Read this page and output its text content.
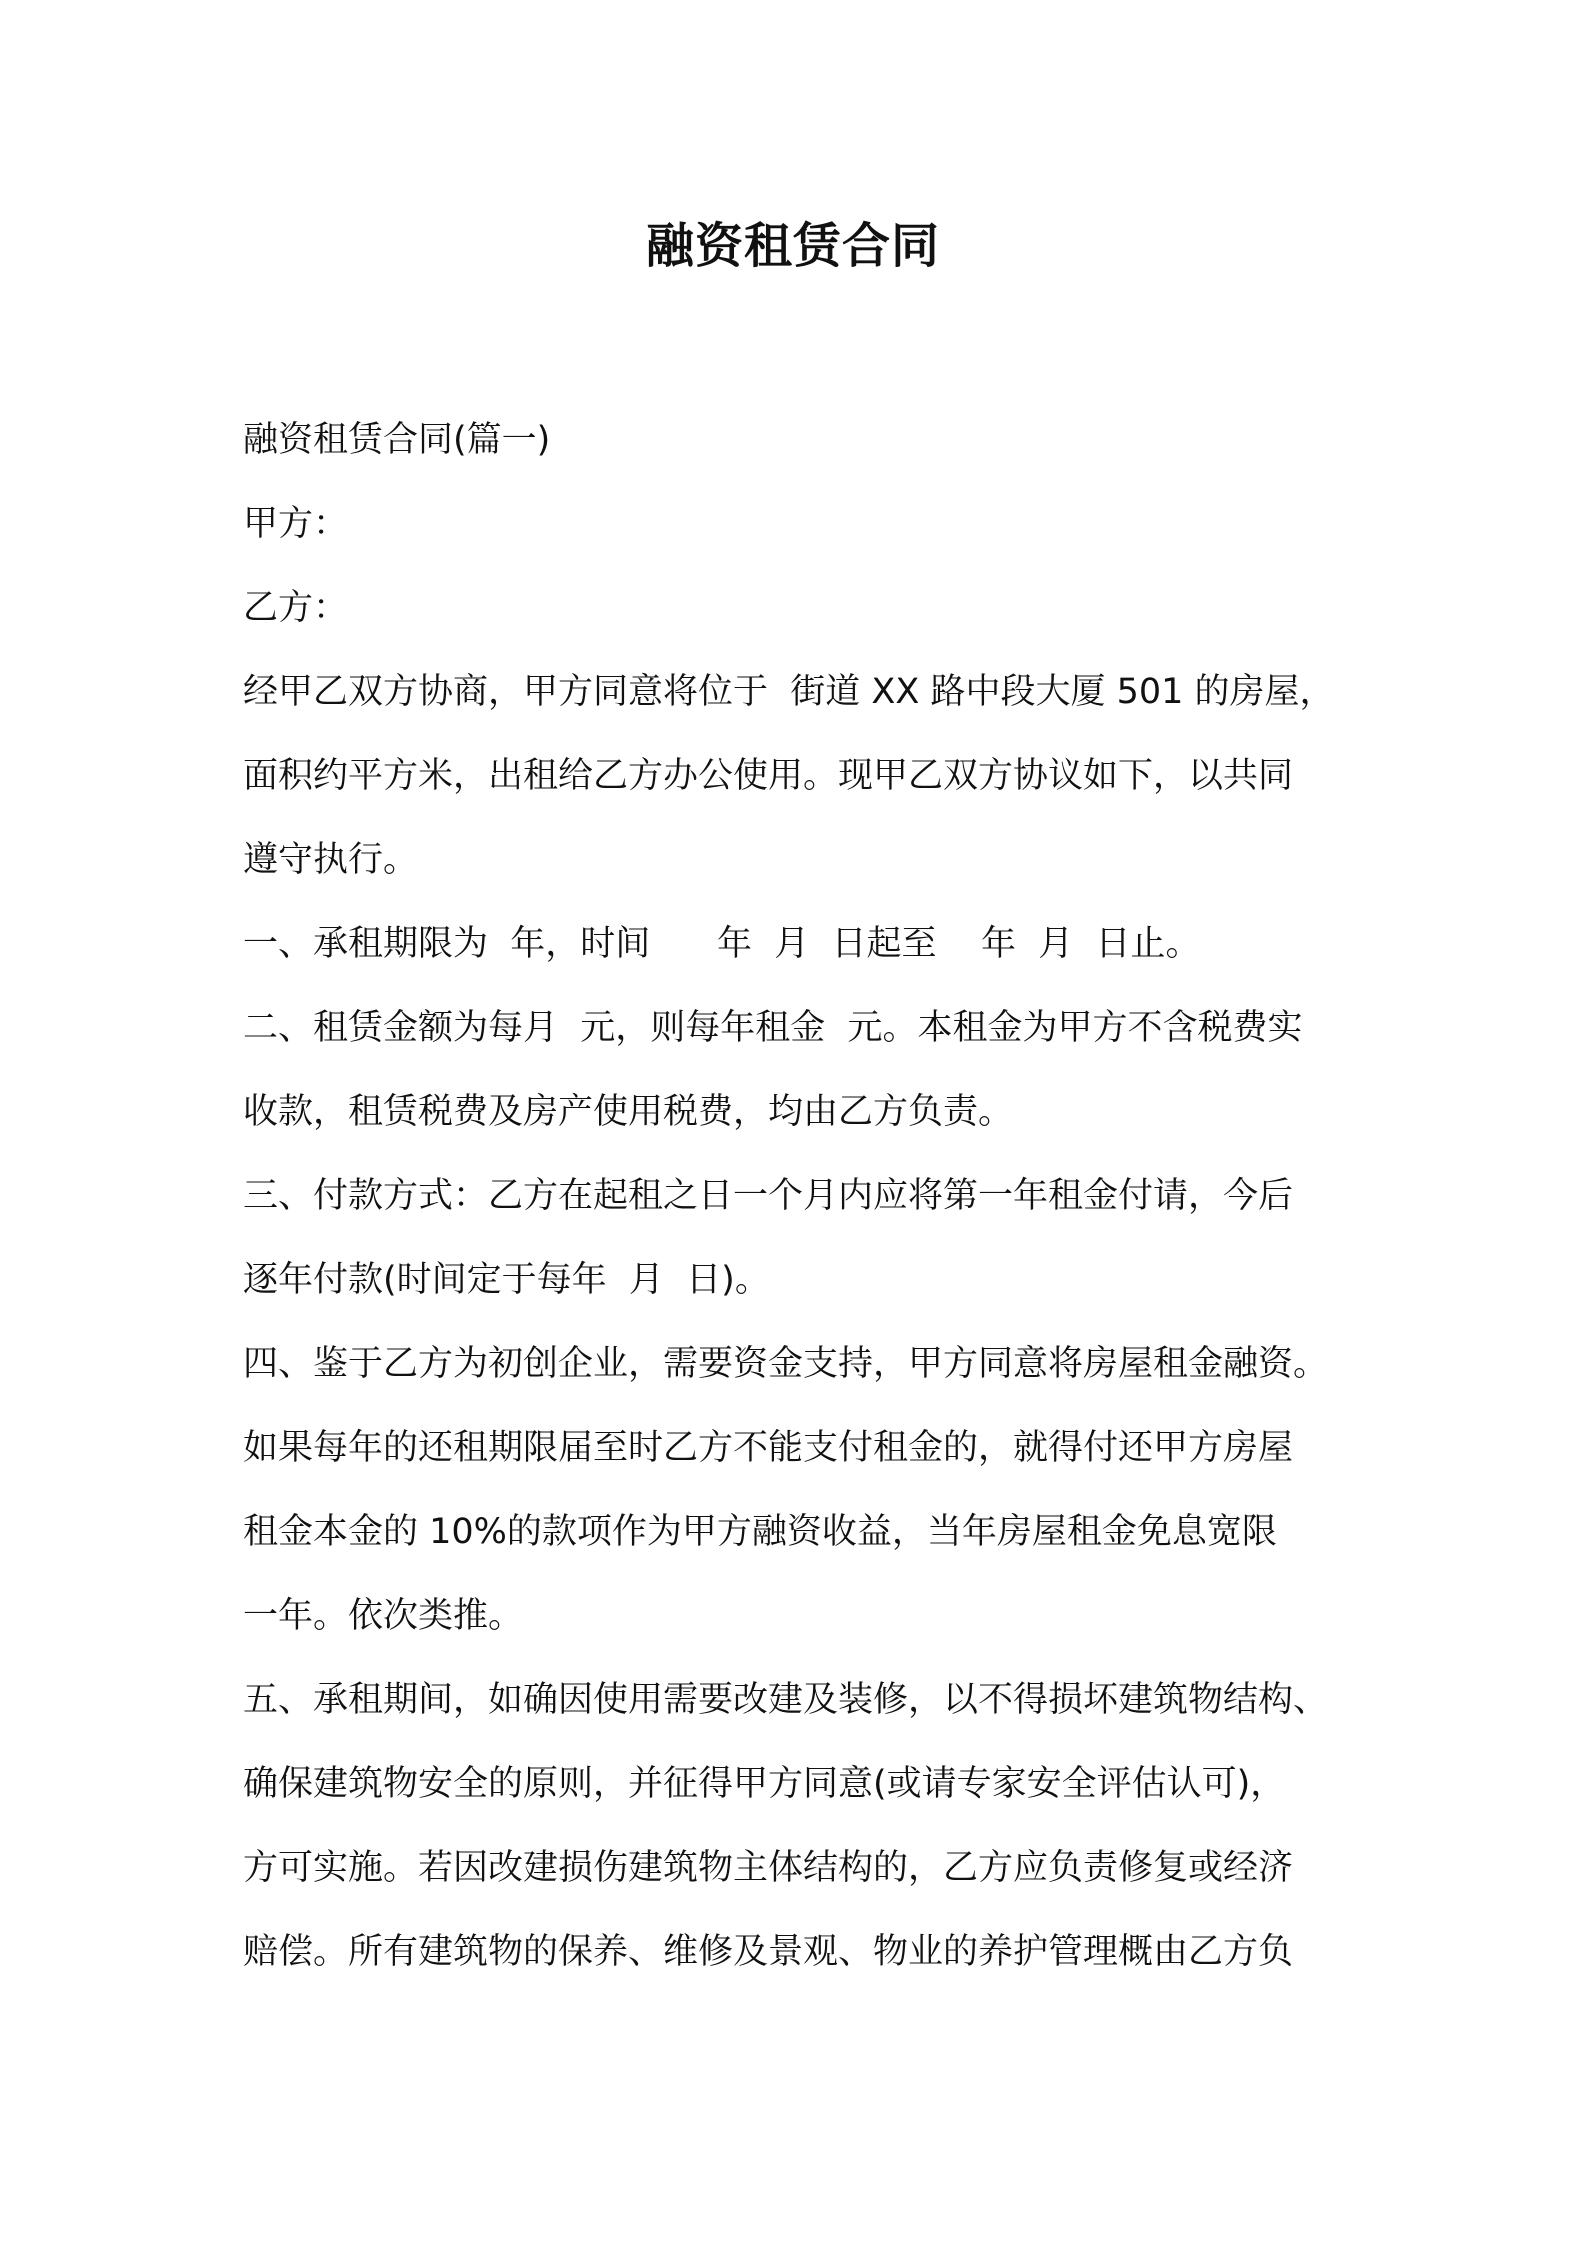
融资租赁合同
融资租赁合同(篇一)
甲方：
乙方：
经甲乙双方协商，甲方同意将位于  街道 XX 路中段大厦 501 的房屋，
面积约平方米，出租给乙方办公使用。现甲乙双方协议如下，以共同
遵守执行。
一、承租期限为  年，时间      年  月  日起至    年  月  日止。
二、租赁金额为每月  元，则每年租金  元。本租金为甲方不含税费实
收款，租赁税费及房产使用税费，均由乙方负责。
三、付款方式：乙方在起租之日一个月内应将第一年租金付请，今后
逐年付款(时间定于每年  月  日)。
四、鉴于乙方为初创企业，需要资金支持，甲方同意将房屋租金融资。
如果每年的还租期限届至时乙方不能支付租金的，就得付还甲方房屋
租金本金的 10%的款项作为甲方融资收益，当年房屋租金免息宽限
一年。依次类推。
五、承租期间，如确因使用需要改建及装修，以不得损坏建筑物结构、
确保建筑物安全的原则，并征得甲方同意(或请专家安全评估认可)，
方可实施。若因改建损伤建筑物主体结构的，乙方应负责修复或经济
赔偿。所有建筑物的保养、维修及景观、物业的养护管理概由乙方负
